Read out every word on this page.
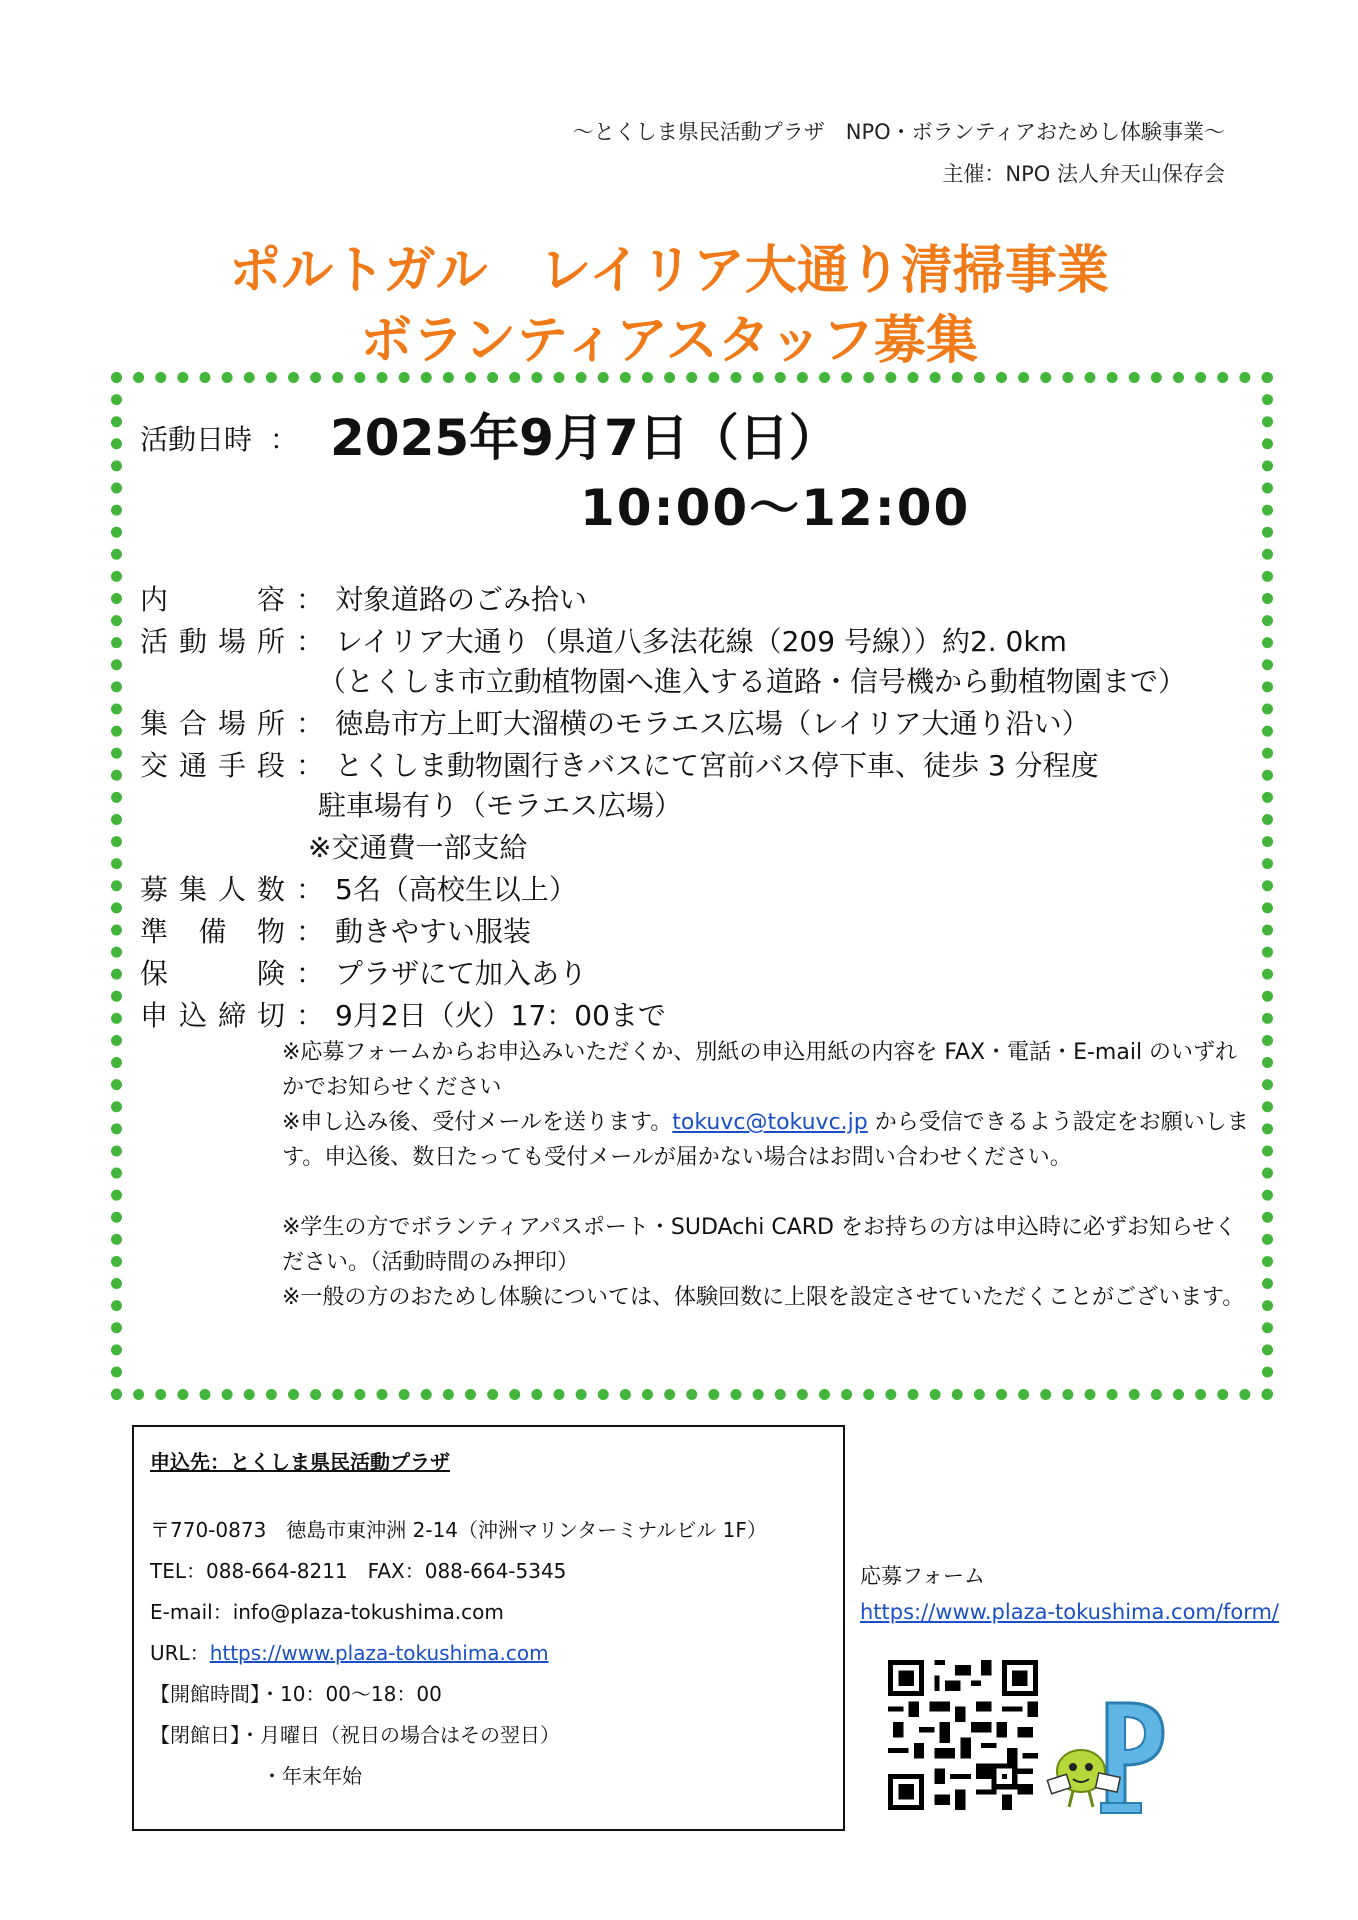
〜とくしま県民活動プラザ　NPO・ボランティアおためし体験事業〜
主催：NPO 法人弁天山保存会
ポルトガル　レイリア大通り清掃事業
ボランティアスタッフ募集
活動日時  ： 2025年9月7日（日）
10:00〜12:00
内　容 ： 対象道路のごみ拾い
活動場所 ： レイリア大通り（県道八多法花線（209 号線））約2. 0km
（とくしま市立動植物園へ進入する道路・信号機から動植物園まで）
集合場所 ： 徳島市方上町大溜横のモラエス広場（レイリア大通り沿い）
交通手段 ： とくしま動物園行きバスにて宮前バス停下車、徒歩 3 分程度
駐車場有り（モラエス広場）
※交通費一部支給
募集人数 ： 5名（高校生以上）
準備物 ： 動きやすい服装
保　険 ： プラザにて加入あり
申込締切 ： 9月2日（火）17：00まで
※応募フォームからお申込みいただくか、別紙の申込用紙の内容を FAX・電話・E-mail のいずれかでお知らせください
※申し込み後、受付メールを送ります。tokuvc@tokuvc.jp から受信できるよう設定をお願いします。申込後、数日たっても受付メールが届かない場合はお問い合わせください。
※学生の方でボランティアパスポート・SUDAchi CARD をお持ちの方は申込時に必ずお知らせください。（活動時間のみ押印）
※一般の方のおためし体験については、体験回数に上限を設定させていただくことがございます。
申込先：とくしま県民活動プラザ
〒770-0873　徳島市東沖洲 2-14（沖洲マリンターミナルビル 1F）
TEL：088-664-8211　FAX：088-664-5345
E-mail：info@plaza-tokushima.com
URL：https://www.plaza-tokushima.com
【開館時間】・10：00〜18：00
【閉館日】・月曜日（祝日の場合はその翌日）
・年末年始
応募フォーム
https://www.plaza-tokushima.com/form/
